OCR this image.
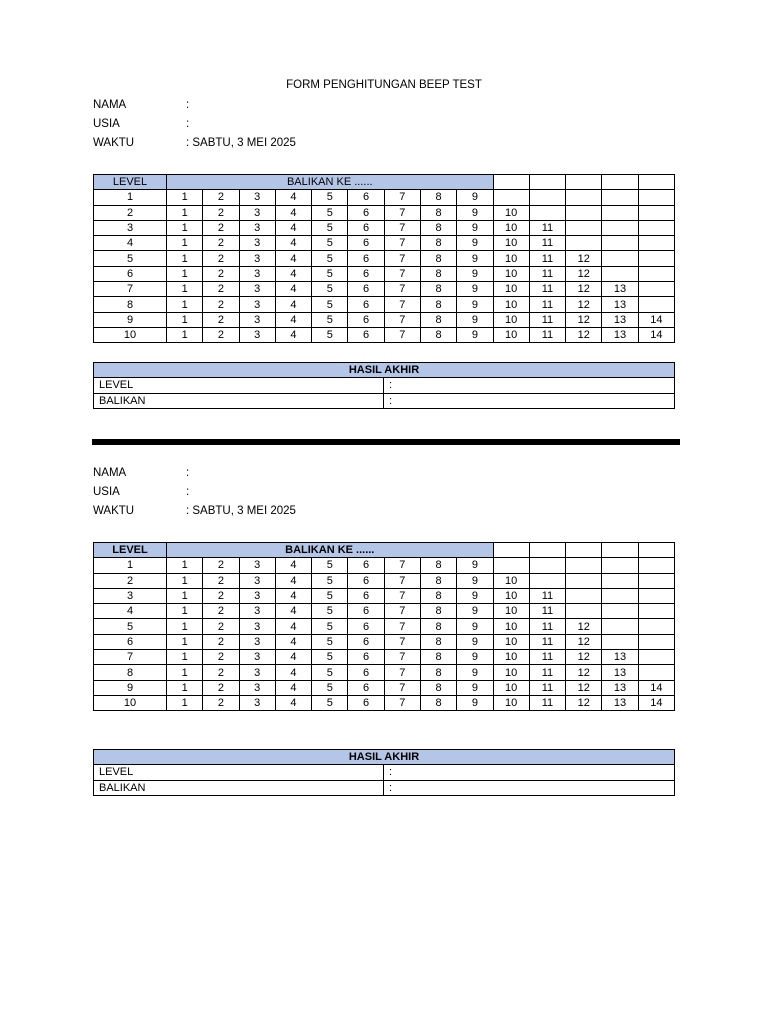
FORM PENGHITUNGAN BEEP TEST
NAMA	:
USIA	:
WAKTU	: SABTU, 3 MEI 2025
LEVEL	BALIKAN KE ......													
1	1	2	3	4	5	6	7	8	9					
2	1	2	3	4	5	6	7	8	9	10				
3	1	2	3	4	5	6	7	8	9	10	11			
4	1	2	3	4	5	6	7	8	9	10	11			
5	1	2	3	4	5	6	7	8	9	10	11	12		
6	1	2	3	4	5	6	7	8	9	10	11	12		
7	1	2	3	4	5	6	7	8	9	10	11	12	13	
8	1	2	3	4	5	6	7	8	9	10	11	12	13	
9	1	2	3	4	5	6	7	8	9	10	11	12	13	14
10	1	2	3	4	5	6	7	8	9	10	11	12	13	14
HASIL AKHIR	
LEVEL	:
BALIKAN	:
NAMA	:
USIA	:
WAKTU	: SABTU, 3 MEI 2025
LEVEL	BALIKAN KE ......													
1	1	2	3	4	5	6	7	8	9					
2	1	2	3	4	5	6	7	8	9	10				
3	1	2	3	4	5	6	7	8	9	10	11			
4	1	2	3	4	5	6	7	8	9	10	11			
5	1	2	3	4	5	6	7	8	9	10	11	12		
6	1	2	3	4	5	6	7	8	9	10	11	12		
7	1	2	3	4	5	6	7	8	9	10	11	12	13	
8	1	2	3	4	5	6	7	8	9	10	11	12	13	
9	1	2	3	4	5	6	7	8	9	10	11	12	13	14
10	1	2	3	4	5	6	7	8	9	10	11	12	13	14
HASIL AKHIR	
LEVEL	:
BALIKAN	:
